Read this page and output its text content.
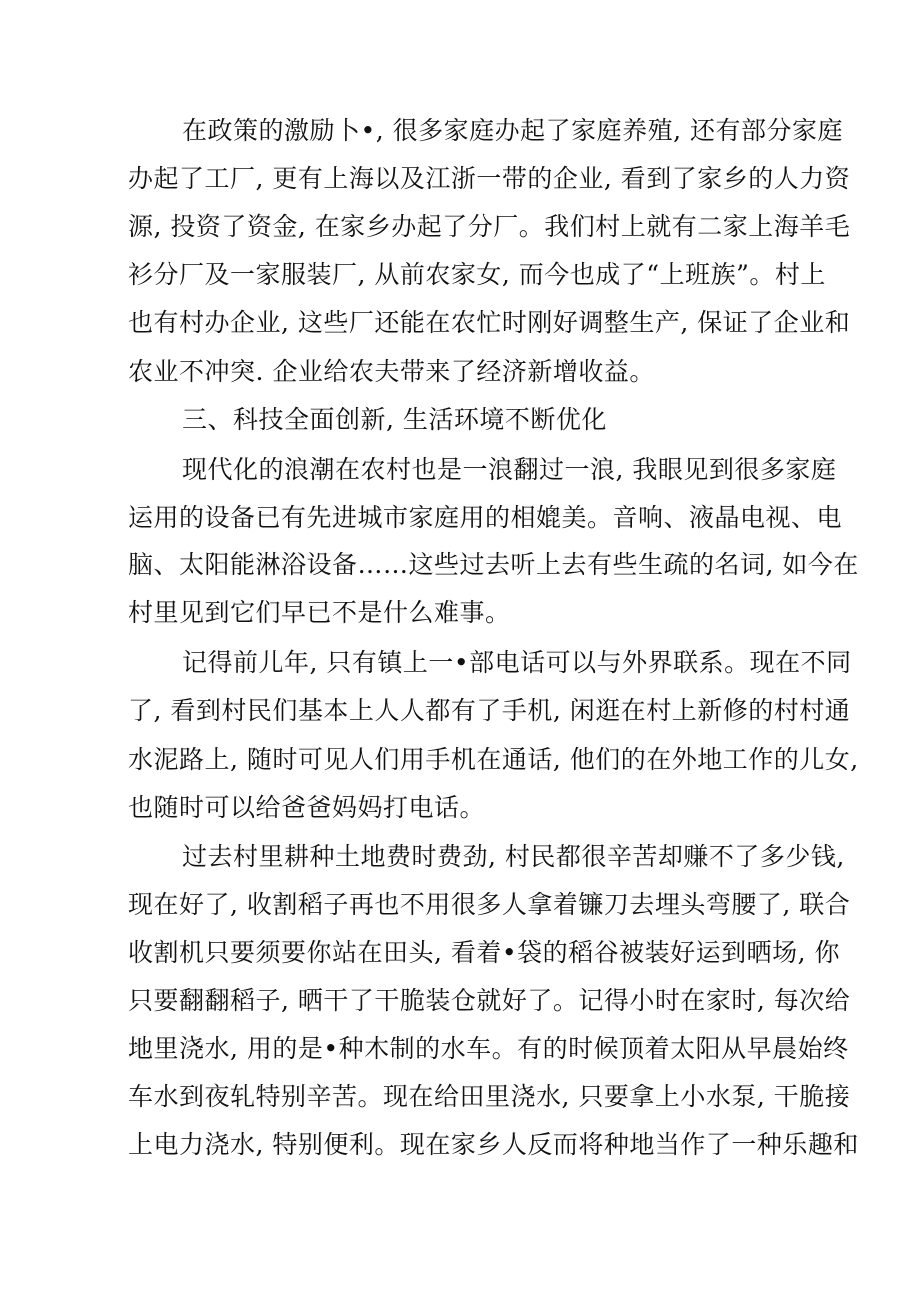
在政策的激励卜•, 很多家庭办起了家庭养殖, 还有部分家庭

办起了工厂, 更有上海以及江浙一带的企业, 看到了家乡的人力资

源, 投资了资金, 在家乡办起了分厂。我们村上就有二家上海羊毛

衫分厂及一家服装厂, 从前农家女, 而今也成了“上班族”。村上

也有村办企业, 这些厂还能在农忙时刚好调整生产, 保证了企业和

农业不冲突. 企业给农夫带来了经济新增收益。

三、科技全面创新, 生活环境不断优化

现代化的浪潮在农村也是一浪翻过一浪, 我眼见到很多家庭

运用的设备已有先进城市家庭用的相媲美。音响、液晶电视、电

脑、太阳能淋浴设备……这些过去听上去有些生疏的名词, 如今在

村里见到它们早已不是什么难事。

记得前儿年, 只有镇上一•部电话可以与外界联系。现在不同

了, 看到村民们基本上人人都有了手机, 闲逛在村上新修的村村通

水泥路上, 随时可见人们用手机在通话, 他们的在外地工作的儿女,

也随时可以给爸爸妈妈打电话。

过去村里耕种土地费时费劲, 村民都很辛苦却赚不了多少钱,

现在好了, 收割稻子再也不用很多人拿着镰刀去埋头弯腰了, 联合

收割机只要须要你站在田头, 看着•袋的稻谷被装好运到晒场, 你

只要翻翻稻子, 晒干了干脆装仓就好了。记得小时在家时, 每次给

地里浇水, 用的是•种木制的水车。有的时候顶着太阳从早晨始终

车水到夜轧特别辛苦。现在给田里浇水, 只要拿上小水泵, 干脆接

上电力浇水, 特别便利。现在家乡人反而将种地当作了一种乐趣和
